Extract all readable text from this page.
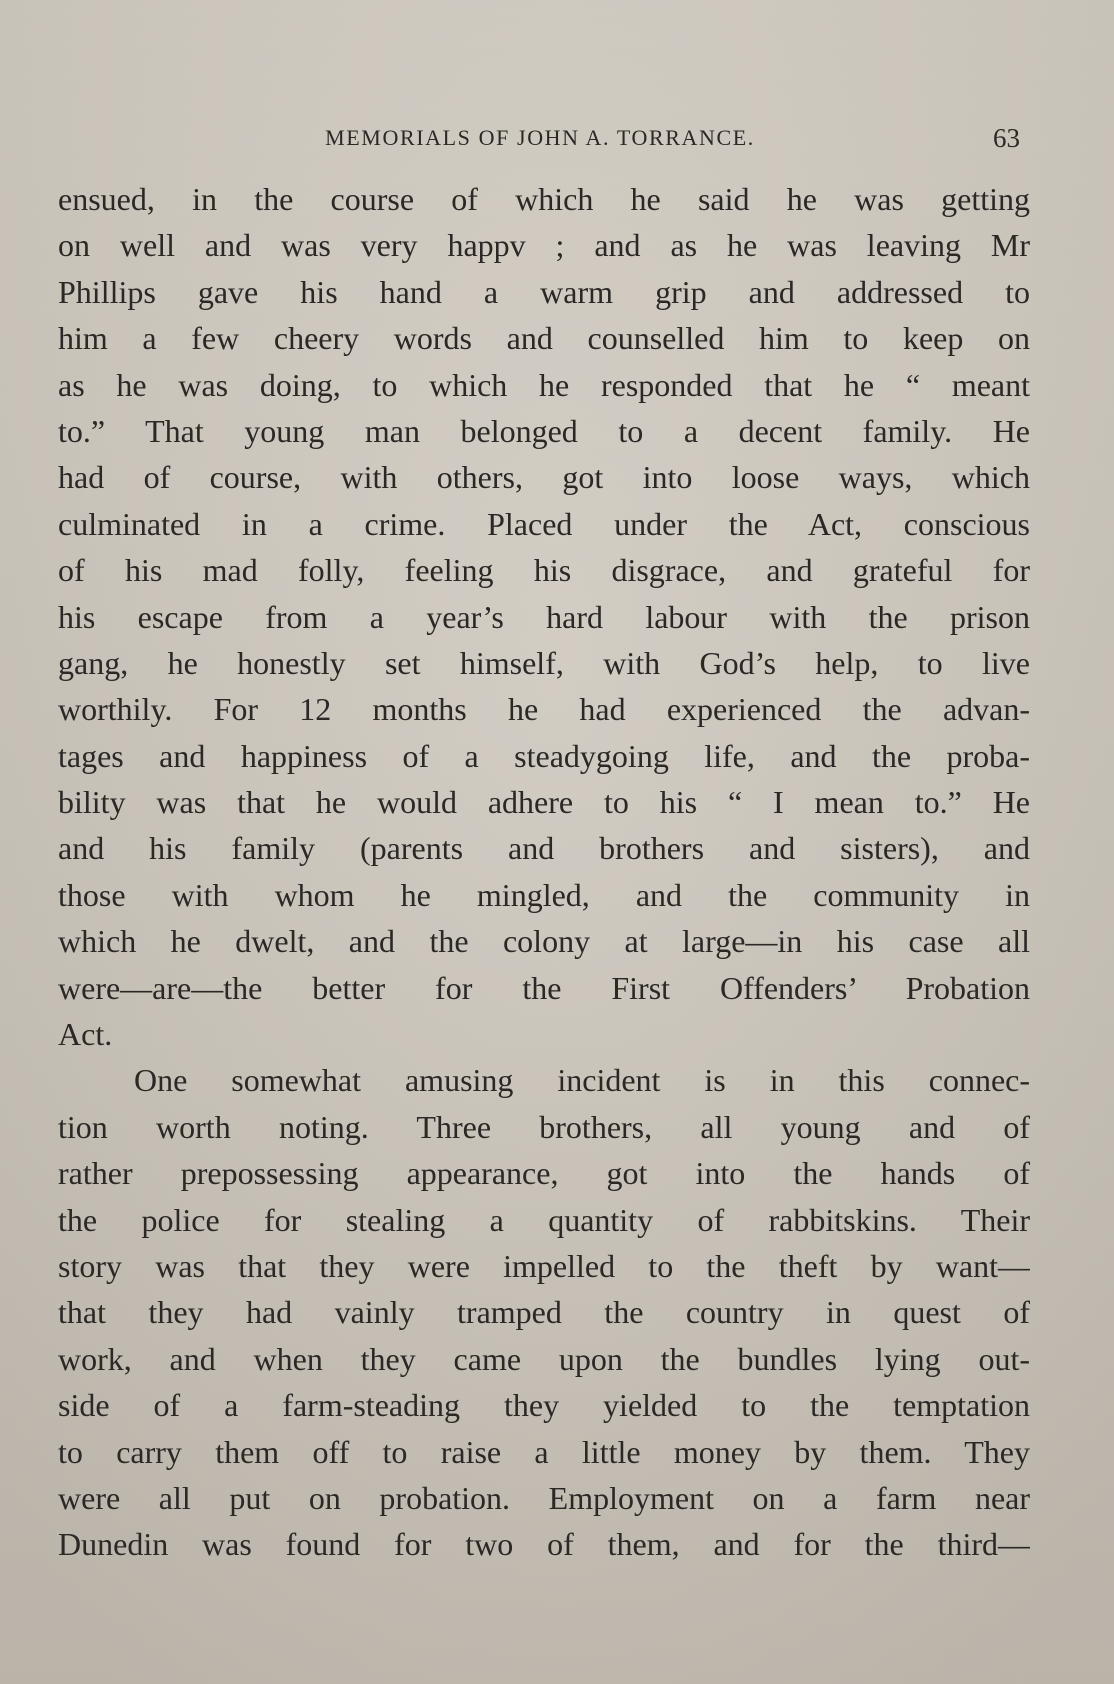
MEMORIALS OF JOHN A. TORRANCE.	63
ensued, in the course of which he said he was getting
on well and was very happv ; and as he was leaving Mr
Phillips gave his hand a warm grip and addressed to
him a few cheery words and counselled him to keep on
as he was doing, to which he responded that he “ meant
to.” That young man belonged to a decent family. He
had of course, with others, got into loose ways, which
culminated in a crime. Placed under the Act, conscious
of his mad folly, feeling his disgrace, and grateful for
his escape from a year’s hard labour with the prison
gang, he honestly set himself, with God’s help, to live
worthily. For 12 months he had experienced the advan-
tages and happiness of a steadygoing life, and the proba-
bility was that he would adhere to his “ I mean to.” He
and his family (parents and brothers and sisters), and
those with whom he mingled, and the community in
which he dwelt, and the colony at large—in his case all
were—are—the better for the First Offenders’ Probation
Act.
One somewhat amusing incident is in this connec-
tion worth noting. Three brothers, all young and of
rather prepossessing appearance, got into the hands of
the police for stealing a quantity of rabbitskins. Their
story was that they were impelled to the theft by want—
that they had vainly tramped the country in quest of
work, and when they came upon the bundles lying out-
side of a farm-steading they yielded to the temptation
to carry them off to raise a little money by them. They
were all put on probation. Employment on a farm near
Dunedin was found for two of them, and for the third—
